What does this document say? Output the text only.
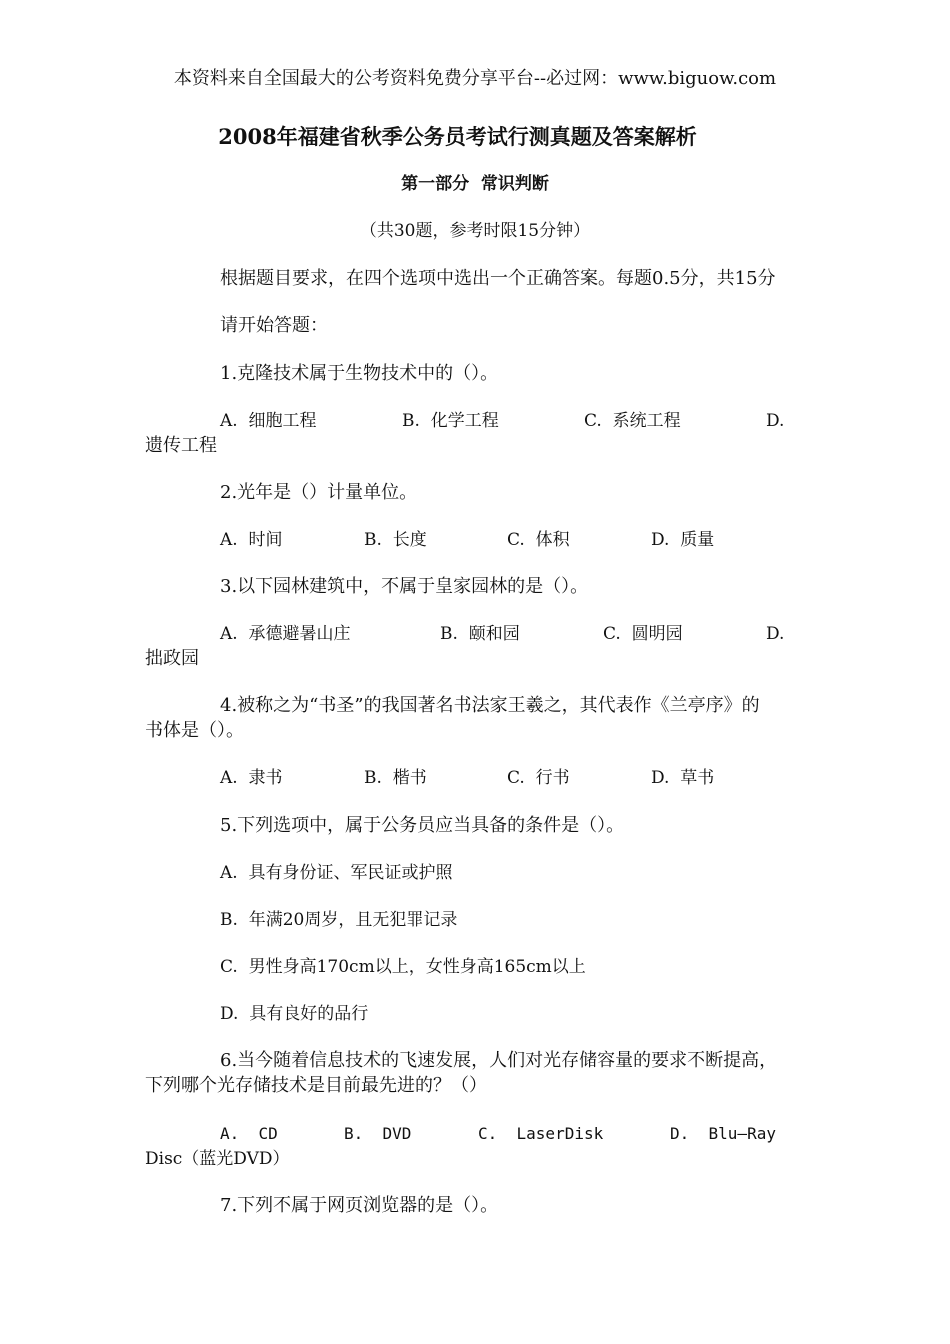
本资料来自全国最大的公考资料免费分享平台--必过网：www.biguow.com
2008年福建省秋季公务员考试行测真题及答案解析
第一部分  常识判断
（共30题，参考时限15分钟）
根据题目要求，在四个选项中选出一个正确答案。每题0.5分，共15分
请开始答题：
1.克隆技术属于生物技术中的（）。
A.  细胞工程	B.  化学工程	C.  系统工程	D.
遗传工程
2.光年是（）计量单位。
A.  时间	B.  长度	C.  体积	D.  质量
3.以下园林建筑中，不属于皇家园林的是（）。
A.  承德避暑山庄	B.  颐和园	C.  圆明园	D.
拙政园
4.被称之为“书圣”的我国著名书法家王羲之，其代表作《兰亭序》的
书体是（）。
A.  隶书	B.  楷书	C.  行书	D.  草书
5.下列选项中，属于公务员应当具备的条件是（）。
A.  具有身份证、军民证或护照
B.  年满20周岁，且无犯罪记录
C.  男性身高170cm以上，女性身高165cm以上
D.  具有良好的品行
6.当今随着信息技术的飞速发展，人们对光存储容量的要求不断提高，
下列哪个光存储技术是目前最先进的？（）
A.  CD	B.  DVD	C.  LaserDisk	D.  Blu—Ray
Disc（蓝光DVD）
7.下列不属于网页浏览器的是（）。
